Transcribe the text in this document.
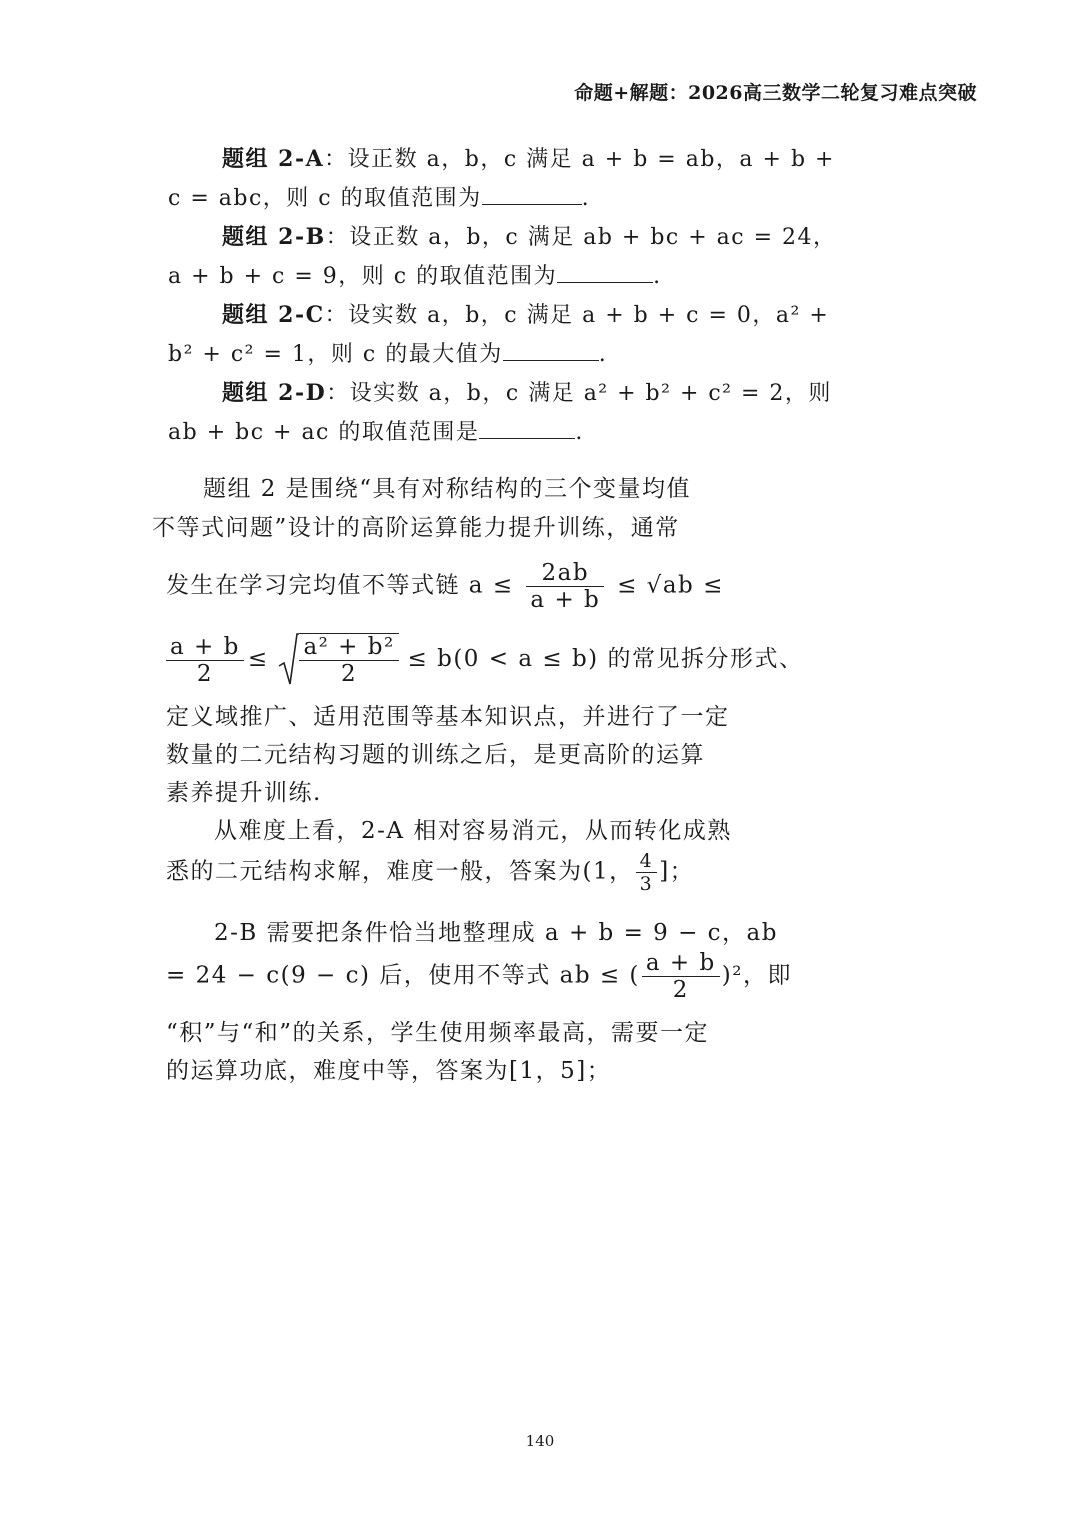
命题+解题：2026高三数学二轮复习难点突破
题组 2-A：设正数 a，b，c 满足 a + b = ab，a + b +
c = abc，则 c 的取值范围为	.
题组 2-B：设正数 a，b，c 满足 ab + bc + ac = 24，
a + b + c = 9，则 c 的取值范围为	.
题组 2-C：设实数 a，b，c 满足 a + b + c = 0，a² +
b² + c² = 1，则 c 的最大值为	.
题组 2-D：设实数 a，b，c 满足 a² + b² + c² = 2，则
ab + bc + ac 的取值范围是	.
题组 2 是围绕“具有对称结构的三个变量均值
不等式问题”设计的高阶运算能力提升训练，通常
发生在学习完均值不等式链 $a \le \frac{2ab}{a + b} \le √ab$ ≤
$\frac{a + b}{2} \le \frac{\text{a² + b²}}{2} \le b(0 < a \le b)$ 的常见拆分形式、
定义域推广、适用范围等基本知识点，并进行了一定
数量的二元结构习题的训练之后，是更高阶的运算
素养提升训练.
从难度上看，2-A 相对容易消元，从而转化成熟
悉的二元结构求解，难度一般，答案为(1， $\frac{4}{3}$ ]；
2-B 需要把条件恰当地整理成 a + b = 9 − c，ab
= 24 − c(9 − c) 后，使用不等式 ab ≤ ( $\frac{a + b}{2} )^2$，即
“积”与“和”的关系，学生使用频率最高，需要一定
的运算功底，难度中等，答案为[1，5]；
140
